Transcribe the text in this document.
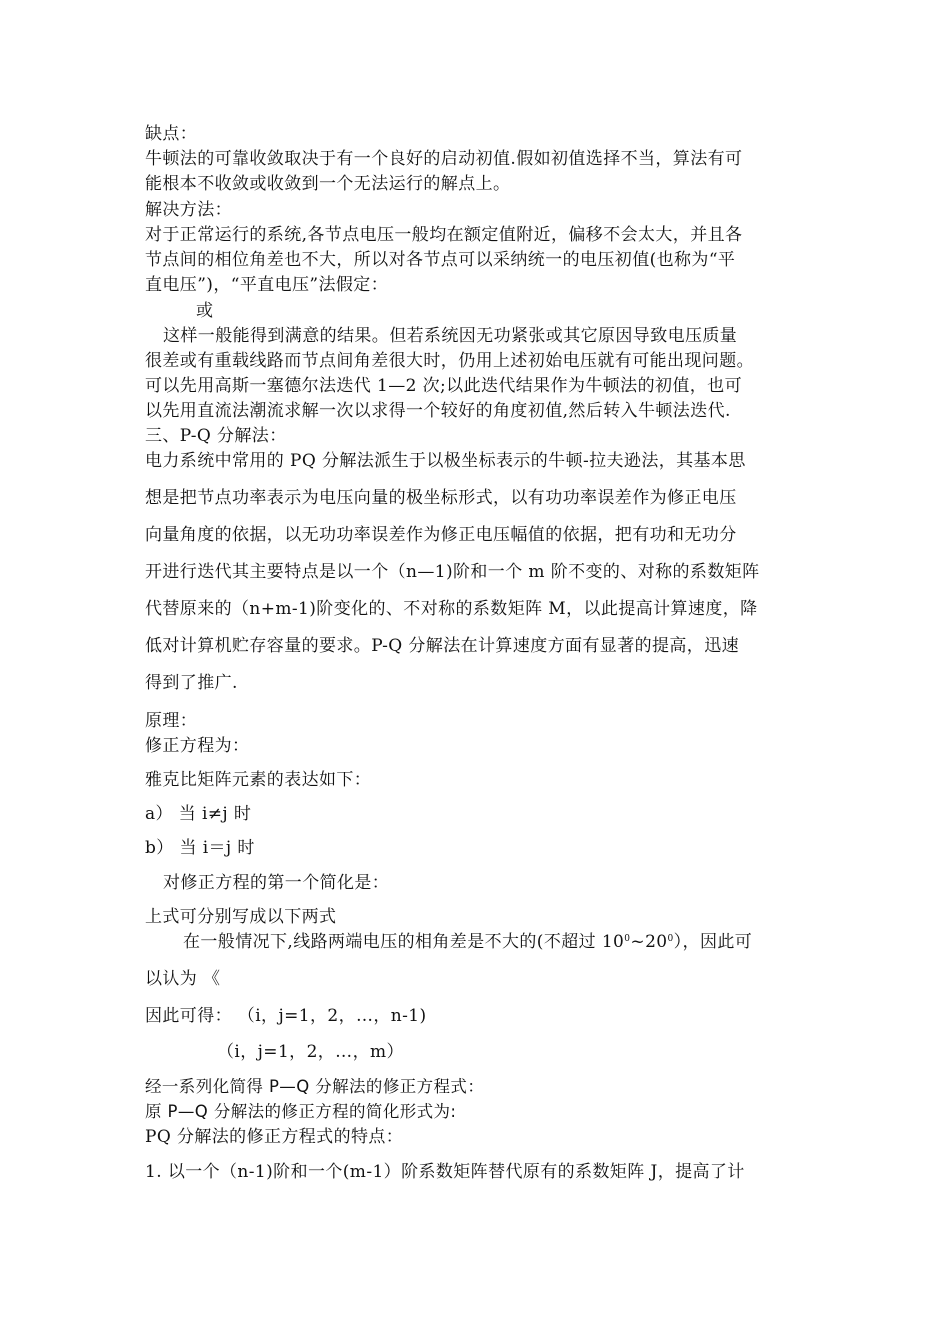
缺点：
牛顿法的可靠收敛取决于有一个良好的启动初值.假如初值选择不当，算法有可
能根本不收敛或收敛到一个无法运行的解点上。
解决方法：
对于正常运行的系统,各节点电压一般均在额定值附近，偏移不会太大，并且各
节点间的相位角差也不大，所以对各节点可以采纳统一的电压初值(也称为“平
直电压”)，“平直电压”法假定：
或
这样一般能得到满意的结果。但若系统因无功紧张或其它原因导致电压质量
很差或有重载线路而节点间角差很大时，仍用上述初始电压就有可能出现问题。
可以先用高斯一塞德尔法迭代 1—2 次;以此迭代结果作为牛顿法的初值，也可
以先用直流法潮流求解一次以求得一个较好的角度初值,然后转入牛顿法迭代.
三、P-Q 分解法：
电力系统中常用的 PQ 分解法派生于以极坐标表示的牛顿-拉夫逊法，其基本思
想是把节点功率表示为电压向量的极坐标形式，以有功功率误差作为修正电压
向量角度的依据，以无功功率误差作为修正电压幅值的依据，把有功和无功分
开进行迭代其主要特点是以一个（n—1)阶和一个 m 阶不变的、对称的系数矩阵
代替原来的（n+m-1)阶变化的、不对称的系数矩阵 M，以此提高计算速度，降
低对计算机贮存容量的要求。P-Q 分解法在计算速度方面有显著的提高，迅速
得到了推广.
原理：
修正方程为：
雅克比矩阵元素的表达如下：
a） 当 i≠j 时
b） 当 i＝j 时
对修正方程的第一个简化是：
上式可分别写成以下两式
在一般情况下,线路两端电压的相角差是不大的(不超过 $10^0\sim 20^0$），因此可
以认为 《
因此可得： （i，j=1，2，…，n-1)
（i，j=1，2，…，m）
经一系列化简得 P—Q 分解法的修正方程式：
原 P—Q 分解法的修正方程的简化形式为:
PQ 分解法的修正方程式的特点：
1. 以一个（n-1)阶和一个(m-1）阶系数矩阵替代原有的系数矩阵 J，提高了计
